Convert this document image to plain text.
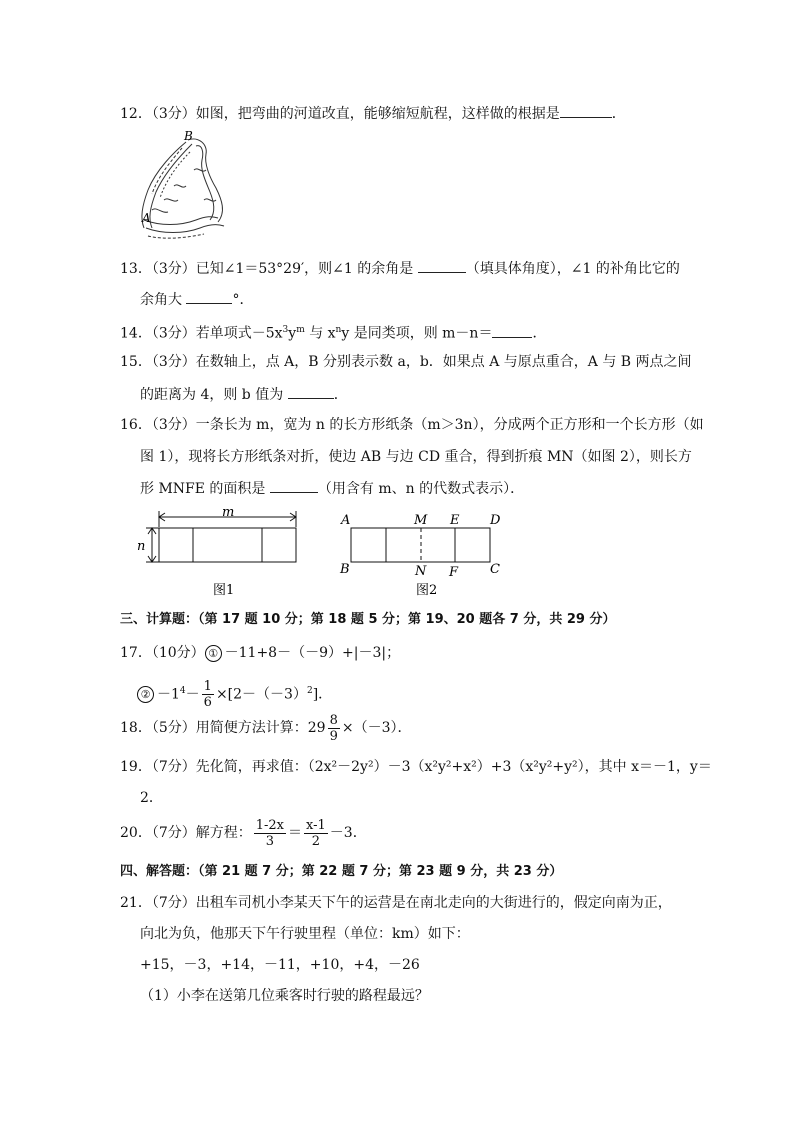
12．（3分）如图，把弯曲的河道改直，能够缩短航程，这样做的根据是	．
B
A
13．（3分）已知∠1＝53°29′，则∠1 的余角是	（填具体角度），∠1 的补角比它的
余角大	°．
14．（3分）若单项式$-5x^3y^m$ 与 $x^ny$ 是同类项，则 m－n＝	．
15．（3分）在数轴上，点 A，B 分别表示数 a，b．如果点 A 与原点重合，A 与 B 两点之间
的距离为 4，则 b 值为	．
16．（3分）一条长为 m，宽为 n 的长方形纸条（m＞3n），分成两个正方形和一个长方形（如
图 1），现将长方形纸条对折，使边 AB 与边 CD 重合，得到折痕 MN（如图 2），则长方
形 MNFE 的面积是	（用含有 m、n 的代数式表示）．
m
n
图1
A	M E D
B	N F C
图2
三、计算题：（第 17 题 10 分；第 18 题 5 分；第 19、20 题各 7 分，共 29 分）
17．（10分） ① －11+8－（－9）+|－3|；
② $-1^4- \frac{1}{6} \times[2-(-3)^2]$．
18．（5分）用简便方法计算：$29 \frac{8}{9} \times(-3)$．
19．（7分）先化简，再求值：（2x²－2y²）－3（x²y²+x²）+3（x²y²+y²），其中 x＝－1，y＝
2．
20．（7分）解方程： $\frac{1-2x}{3} = \frac{x-1}{2} -3$．
四、解答题：（第 21 题 7 分；第 22 题 7 分；第 23 题 9 分，共 23 分）
21．（7分）出租车司机小李某天下午的运营是在南北走向的大街进行的，假定向南为正，
向北为负，他那天下午行驶里程（单位：km）如下：
+15，－3，+14，－11，+10，+4，－26
（1）小李在送第几位乘客时行驶的路程最远？
